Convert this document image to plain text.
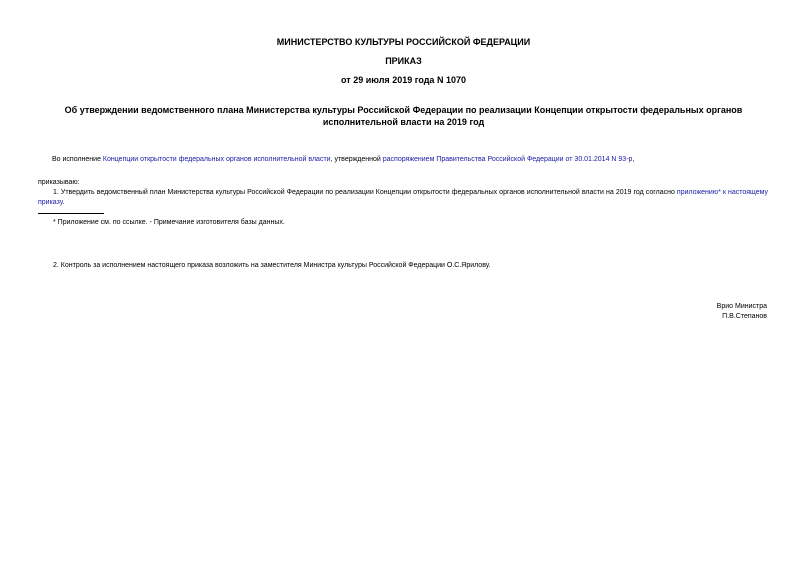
МИНИСТЕРСТВО КУЛЬТУРЫ РОССИЙСКОЙ ФЕДЕРАЦИИ
ПРИКАЗ
от 29 июля 2019 года N 1070
Об утверждении ведомственного плана Министерства культуры Российской Федерации по реализации Концепции открытости федеральных органов исполнительной власти на 2019 год
Во исполнение Концепции открытости федеральных органов исполнительной власти, утвержденной распоряжением Правительства Российской Федерации от 30.01.2014 N 93-р,
приказываю:
1. Утвердить ведомственный план Министерства культуры Российской Федерации по реализации Концепции открытости федеральных органов исполнительной власти на 2019 год согласно приложению* к настоящему приказу.
* Приложение см. по ссылке. - Примечание изготовителя базы данных.
2. Контроль за исполнением настоящего приказа возложить на заместителя Министра культуры Российской Федерации О.С.Ярилову.
Врио Министра
П.В.Степанов
